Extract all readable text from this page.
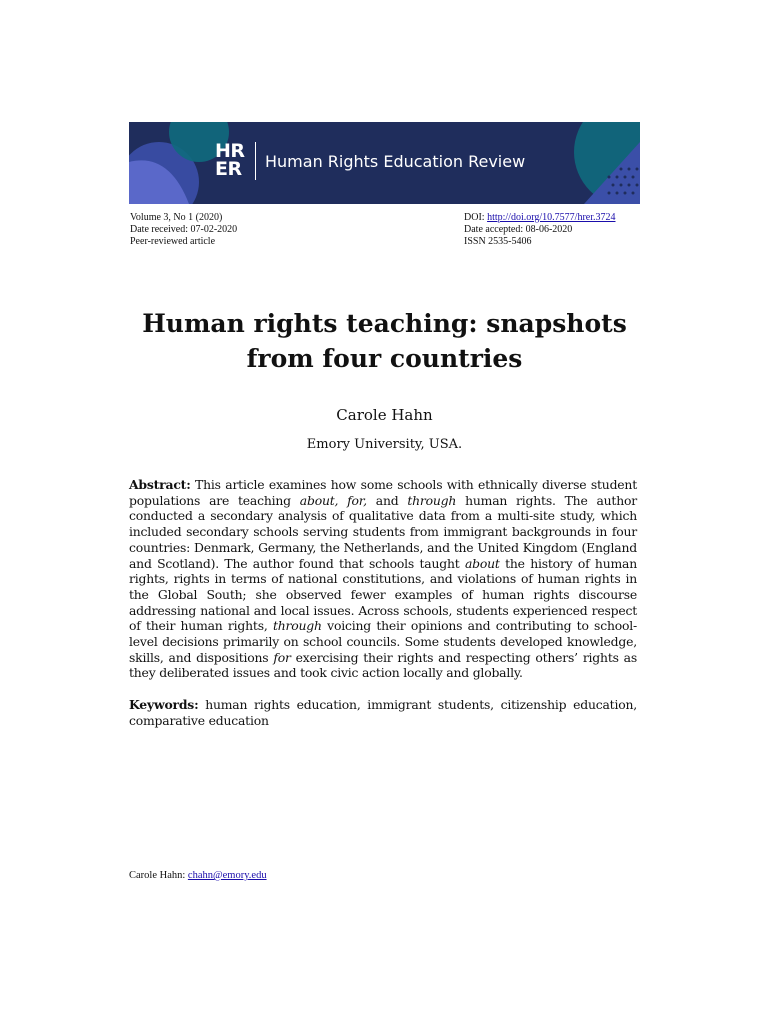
HR
ER Human Rights Education Review
Volume 3, No 1 (2020)
Date received: 07-02-2020
Peer-reviewed article
DOI: http://doi.org/10.7577/hrer.3724
Date accepted: 08-06-2020
ISSN 2535-5406
Human rights teaching: snapshots from four countries
Carole Hahn
Emory University, USA.

Abstract: This article examines how some schools with ethnically diverse student populations are teaching about, for, and through human rights. The author conducted a secondary analysis of qualitative data from a multi-site study, which included secondary schools serving students from immigrant backgrounds in four countries: Denmark, Germany, the Netherlands, and the United Kingdom (England and Scotland). The author found that schools taught about the history of human rights, rights in terms of national constitutions, and violations of human rights in the Global South; she observed fewer examples of human rights discourse addressing national and local issues. Across schools, students experienced respect of their human rights, through voicing their opinions and contributing to school-level decisions primarily on school councils. Some students developed knowledge, skills, and dispositions for exercising their rights and respecting others’ rights as they deliberated issues and took civic action locally and globally.

Keywords: human rights education, immigrant students, citizenship education, comparative education

Carole Hahn: chahn@emory.edu
